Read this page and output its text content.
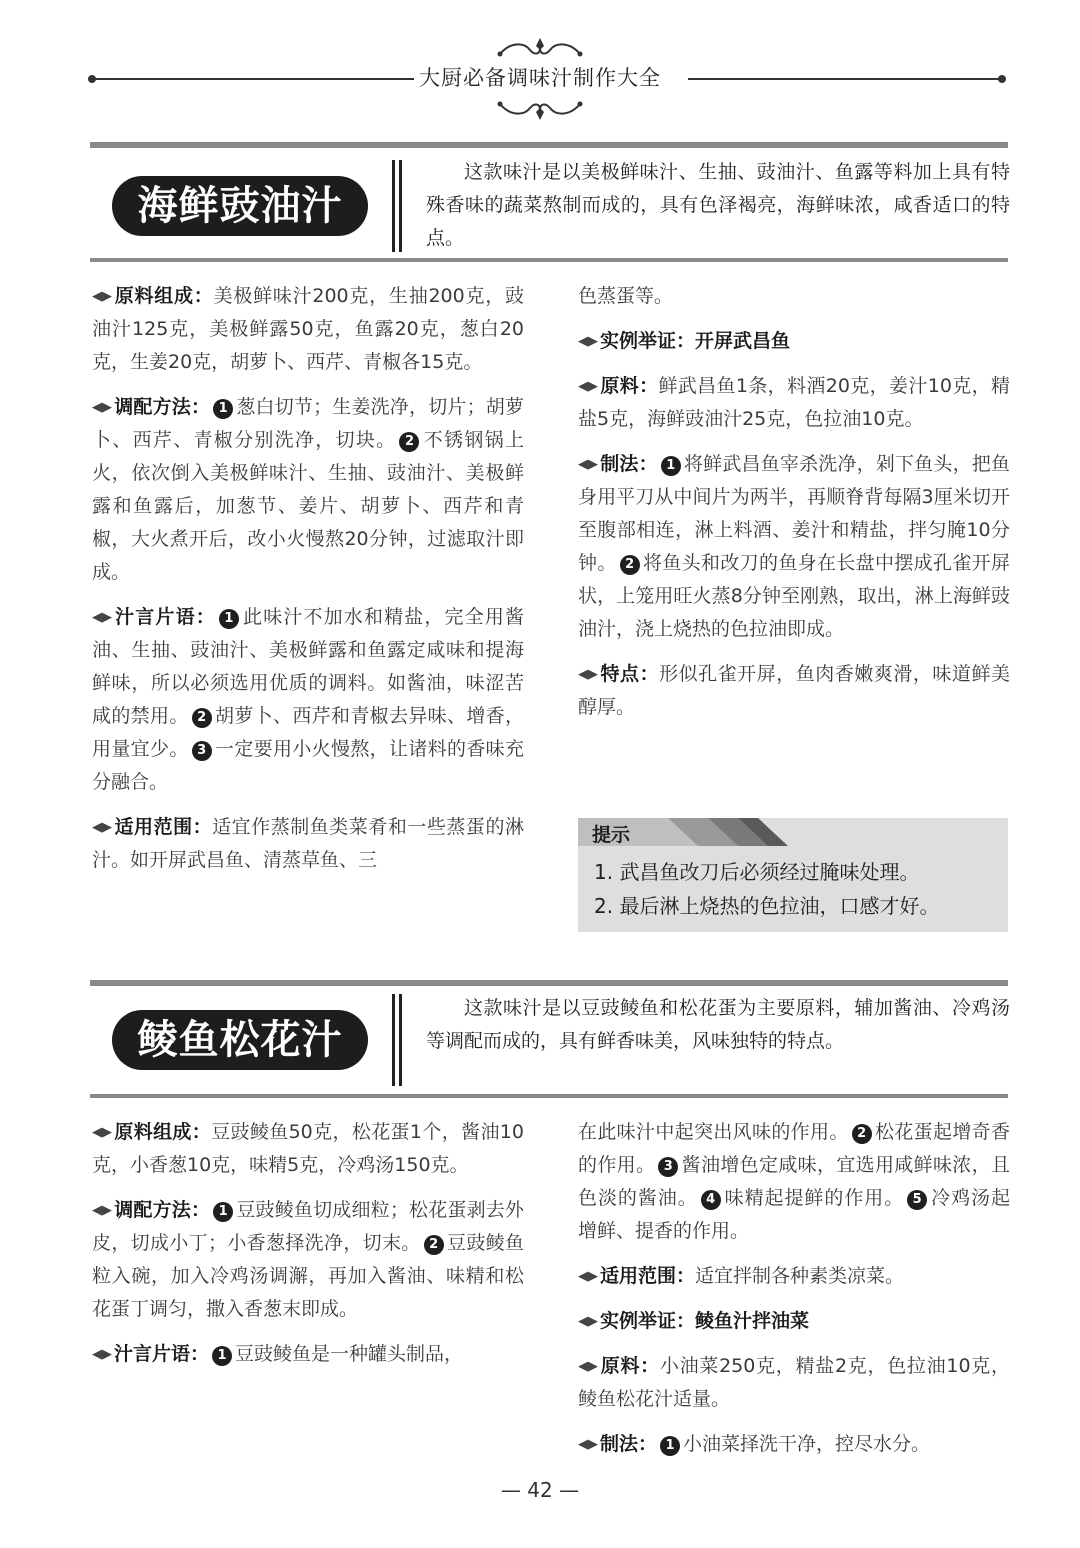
大厨必备调味汁制作大全
海鲜豉油汁
这款味汁是以美极鲜味汁、生抽、豉油汁、鱼露等料加上具有特殊香味的蔬菜熬制而成的，具有色泽褐亮，海鲜味浓，咸香适口的特点。

◀▶ 原料组成：美极鲜味汁200克，生抽200克，豉油汁125克，美极鲜露50克，鱼露20克，葱白20克，生姜20克，胡萝卜、西芹、青椒各15克。

◀▶ 调配方法： 1 葱白切节；生姜洗净，切片；胡萝卜、西芹、青椒分别洗净，切块。 2 不锈钢锅上火，依次倒入美极鲜味汁、生抽、豉油汁、美极鲜露和鱼露后，加葱节、姜片、胡萝卜、西芹和青椒，大火煮开后，改小火慢熬20分钟，过滤取汁即成。

◀▶ 汁言片语： 1 此味汁不加水和精盐，完全用酱油、生抽、豉油汁、美极鲜露和鱼露定咸味和提海鲜味，所以必须选用优质的调料。如酱油，味涩苦咸的禁用。 2 胡萝卜、西芹和青椒去异味、增香，用量宜少。 3 一定要用小火慢熬，让诸料的香味充分融合。

◀▶ 适用范围：适宜作蒸制鱼类菜肴和一些蒸蛋的淋汁。如开屏武昌鱼、清蒸草鱼、三

色蒸蛋等。

◀▶ 实例举证：开屏武昌鱼

◀▶ 原料：鲜武昌鱼1条，料酒20克，姜汁10克，精盐5克，海鲜豉油汁25克，色拉油10克。

◀▶ 制法： 1 将鲜武昌鱼宰杀洗净，剁下鱼头，把鱼身用平刀从中间片为两半，再顺脊背每隔3厘米切开至腹部相连，淋上料酒、姜汁和精盐，拌匀腌10分钟。 2 将鱼头和改刀的鱼身在长盘中摆成孔雀开屏状，上笼用旺火蒸8分钟至刚熟，取出，淋上海鲜豉油汁，浇上烧热的色拉油即成。

◀▶ 特点：形似孔雀开屏，鱼肉香嫩爽滑，味道鲜美醇厚。

提示
1. 武昌鱼改刀后必须经过腌味处理。
2. 最后淋上烧热的色拉油，口感才好。
鲮鱼松花汁
这款味汁是以豆豉鲮鱼和松花蛋为主要原料，辅加酱油、冷鸡汤等调配而成的，具有鲜香味美，风味独特的特点。

◀▶ 原料组成：豆豉鲮鱼50克，松花蛋1个，酱油10克，小香葱10克，味精5克，冷鸡汤150克。

◀▶ 调配方法： 1 豆豉鲮鱼切成细粒；松花蛋剥去外皮，切成小丁；小香葱择洗净，切末。 2 豆豉鲮鱼粒入碗，加入冷鸡汤调澥，再加入酱油、味精和松花蛋丁调匀，撒入香葱末即成。

◀▶ 汁言片语： 1 豆豉鲮鱼是一种罐头制品，

在此味汁中起突出风味的作用。 2 松花蛋起增奇香的作用。 3 酱油增色定咸味，宜选用咸鲜味浓，且色淡的酱油。 4 味精起提鲜的作用。 5 冷鸡汤起增鲜、提香的作用。

◀▶ 适用范围：适宜拌制各种素类凉菜。

◀▶ 实例举证：鲮鱼汁拌油菜

◀▶ 原料：小油菜250克，精盐2克，色拉油10克，鲮鱼松花汁适量。

◀▶ 制法： 1 小油菜择洗干净，控尽水分。

— 42 —
